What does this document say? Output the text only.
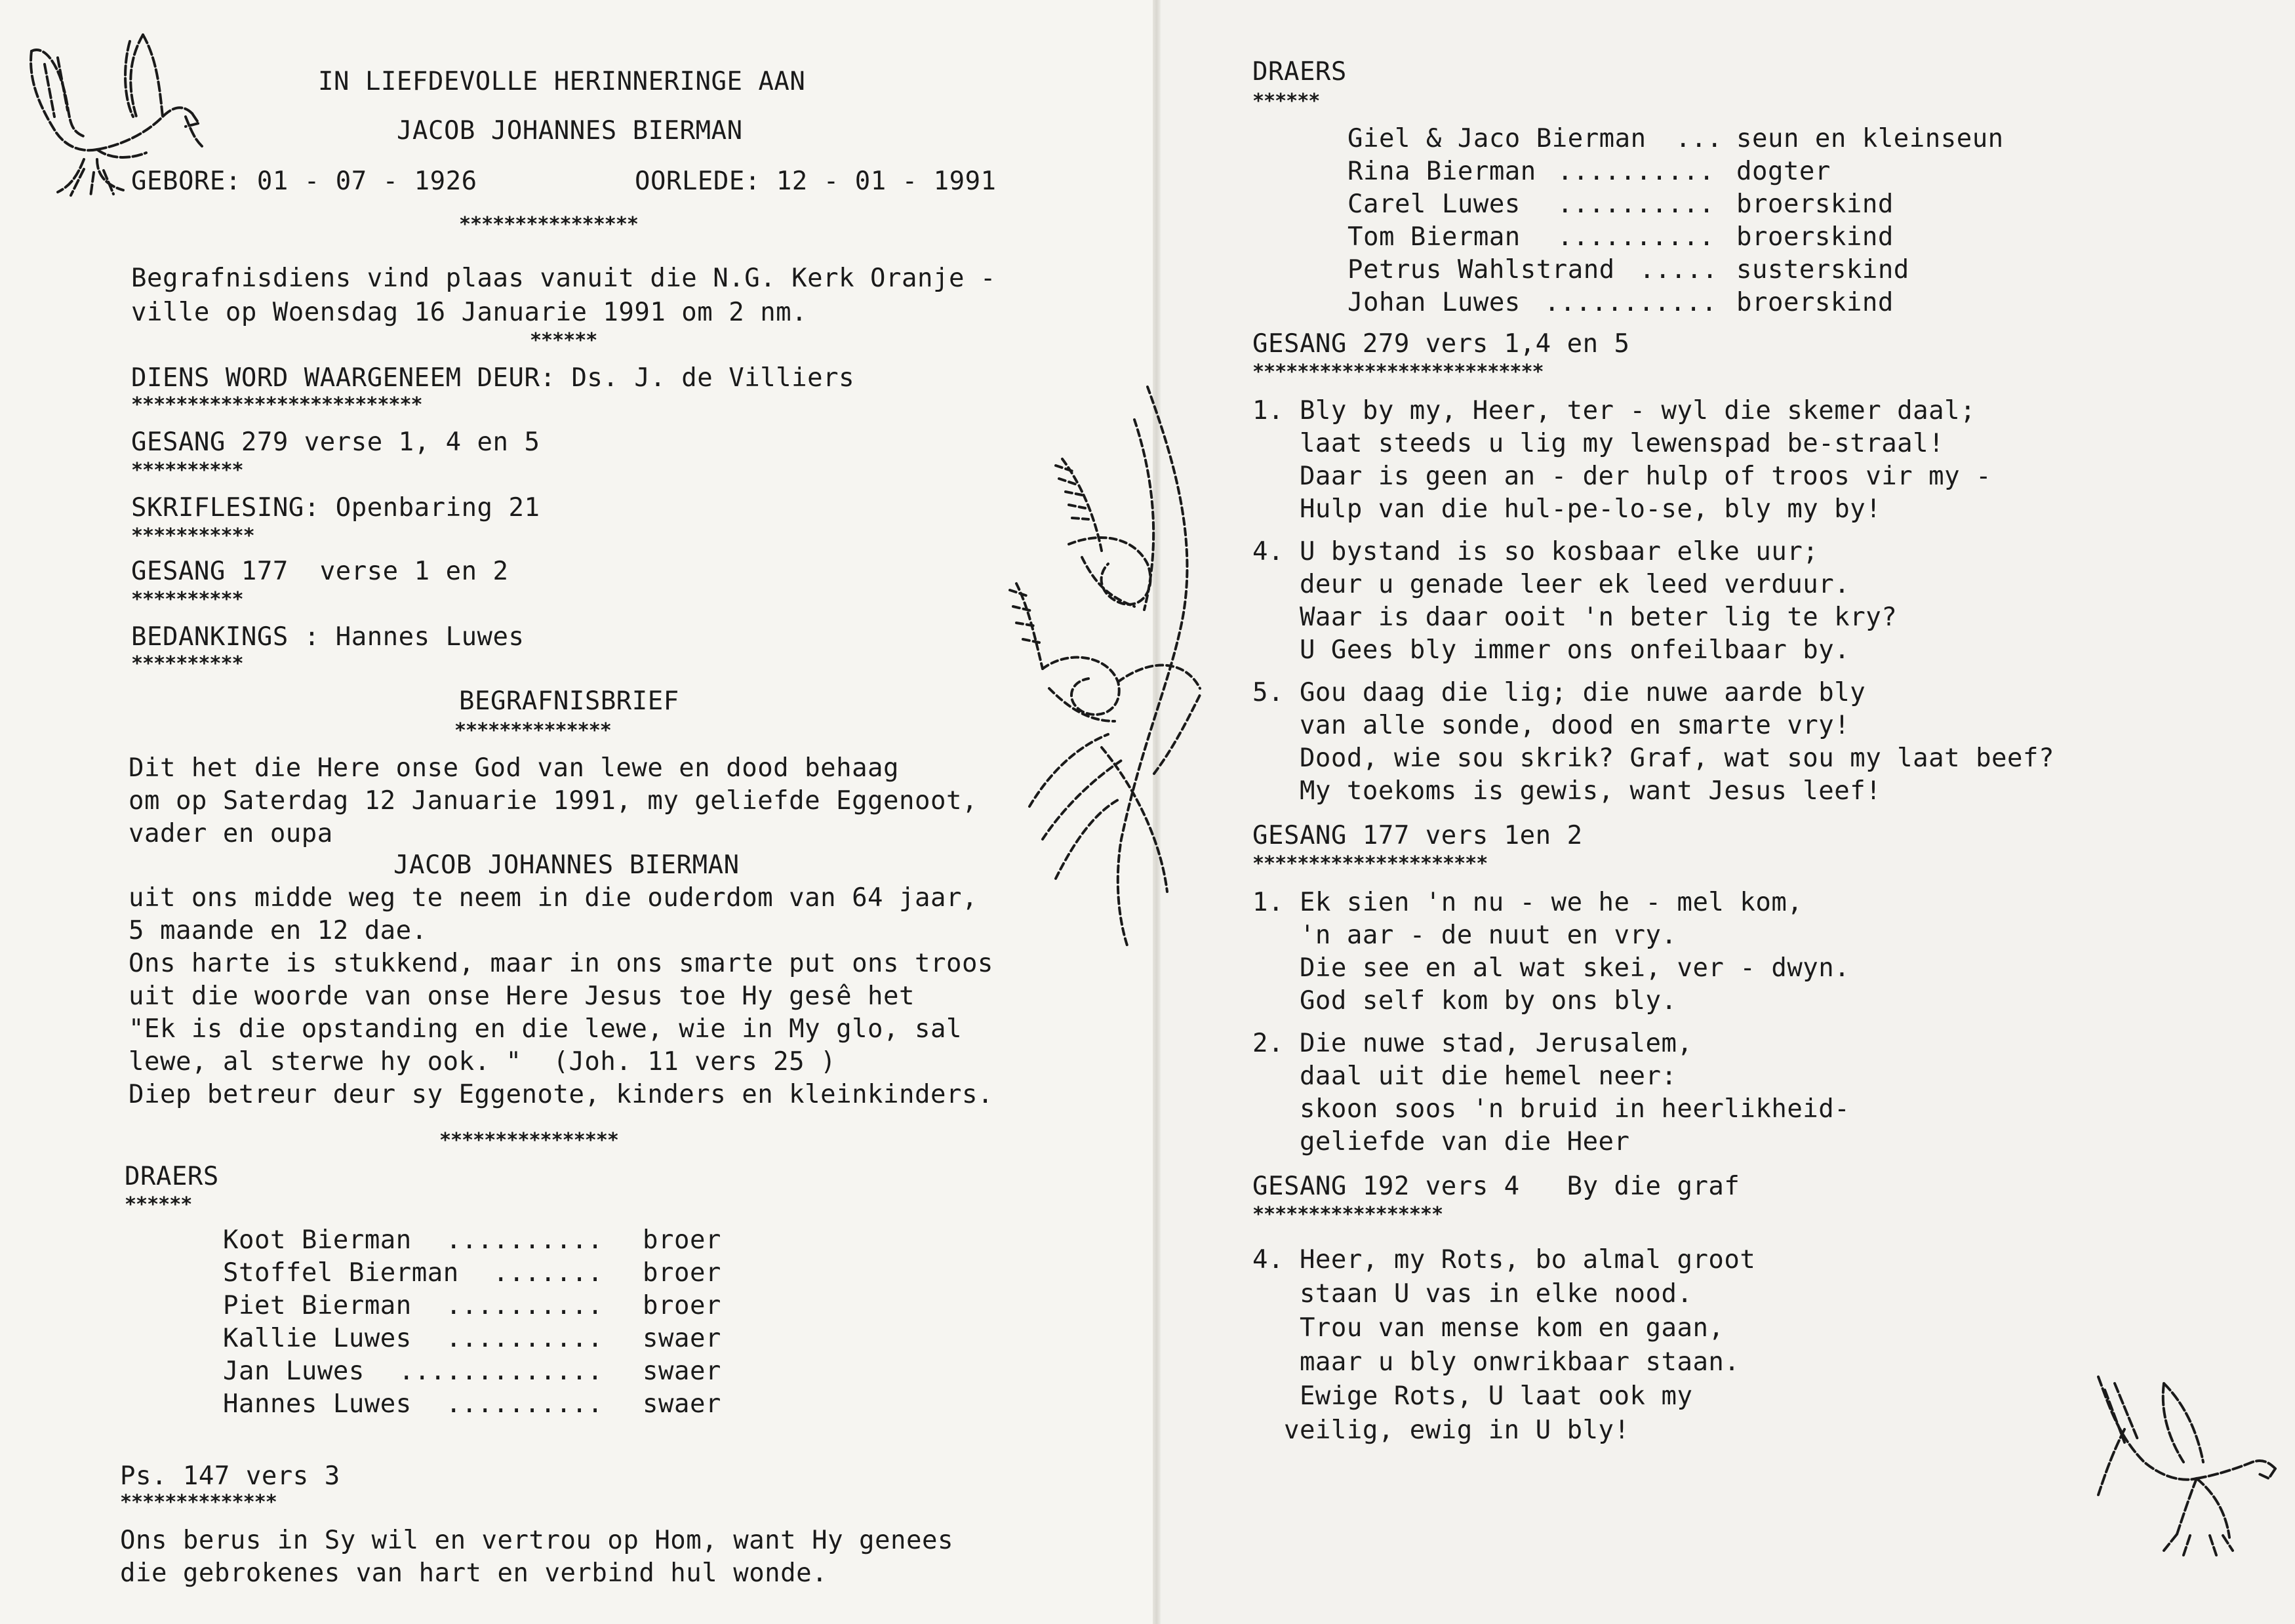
IN LIEFDEVOLLE HERINNERINGE AAN
JACOB JOHANNES BIERMAN
GEBORE: 01 - 07 - 1926	OORLEDE: 12 - 01 - 1991
****************
Begrafnisdiens vind plaas vanuit die N.G. Kerk Oranje -
ville op Woensdag 16 Januarie 1991 om 2 nm.
******
DIENS WORD WAARGENEEM DEUR: Ds. J. de Villiers
**************************
GESANG 279 verse 1, 4 en 5
**********
SKRIFLESING: Openbaring 21
***********
GESANG 177  verse 1 en 2
**********
BEDANKINGS : Hannes Luwes
**********
BEGRAFNISBRIEF
**************
Dit het die Here onse God van lewe en dood behaag
om op Saterdag 12 Januarie 1991, my geliefde Eggenoot,
vader en oupa
JACOB JOHANNES BIERMAN
uit ons midde weg te neem in die ouderdom van 64 jaar,
5 maande en 12 dae.
Ons harte is stukkend, maar in ons smarte put ons troos
uit die woorde van onse Here Jesus toe Hy gesê het
"Ek is die opstanding en die lewe, wie in My glo, sal
lewe, al sterwe hy ook. "  (Joh. 11 vers 25 )
Diep betreur deur sy Eggenote, kinders en kleinkinders.
****************
DRAERS
******
Koot Bierman .......... broer
Stoffel Bierman ....... broer
Piet Bierman .......... broer
Kallie Luwes .......... swaer
Jan Luwes ............. swaer
Hannes Luwes .......... swaer
Ps. 147 vers 3
**************
Ons berus in Sy wil en vertrou op Hom, want Hy genees
die gebrokenes van hart en verbind hul wonde.
DRAERS
******
Giel & Jaco Bierman ... seun en kleinseun
Rina Bierman .......... dogter
Carel Luwes .......... broerskind
Tom Bierman .......... broerskind
Petrus Wahlstrand ..... susterskind
Johan Luwes ........... broerskind
GESANG 279 vers 1,4 en 5
**************************
1. Bly by my, Heer, ter - wyl die skemer daal;
laat steeds u lig my lewenspad be-straal!
Daar is geen an - der hulp of troos vir my -
Hulp van die hul-pe-lo-se, bly my by!
4. U bystand is so kosbaar elke uur;
deur u genade leer ek leed verduur.
Waar is daar ooit 'n beter lig te kry?
U Gees bly immer ons onfeilbaar by.
5. Gou daag die lig; die nuwe aarde bly
van alle sonde, dood en smarte vry!
Dood, wie sou skrik? Graf, wat sou my laat beef?
My toekoms is gewis, want Jesus leef!
GESANG 177 vers 1en 2
*********************
1. Ek sien 'n nu - we he - mel kom,
'n aar - de nuut en vry.
Die see en al wat skei, ver - dwyn.
God self kom by ons bly.
2. Die nuwe stad, Jerusalem,
daal uit die hemel neer:
skoon soos 'n bruid in heerlikheid-
geliefde van die Heer
GESANG 192 vers 4   By die graf
*****************
4. Heer, my Rots, bo almal groot
staan U vas in elke nood.
Trou van mense kom en gaan,
maar u bly onwrikbaar staan.
Ewige Rots, U laat ook my
veilig, ewig in U bly!
